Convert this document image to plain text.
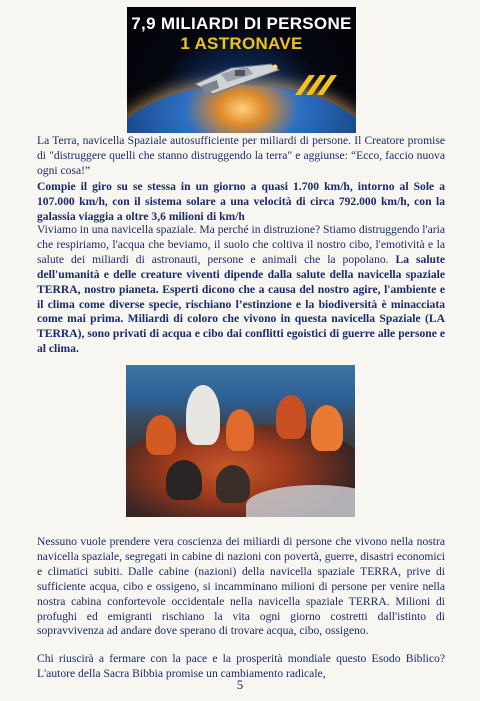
7,9 MILIARDI DI PERSONE
1 ASTRONAVE

La Terra, navicella Spaziale autosufficiente per miliardi di persone. Il Creatore promise di "distruggere quelli che stanno distruggendo la terra" e aggiunse: “Ecco, faccio nuova ogni cosa!”

Compie il giro su se stessa in un giorno a quasi 1.700 km/h, intorno al Sole a 107.000 km/h, con il sistema solare a una velocità di circa 792.000 km/h, con la galassia viaggia a oltre 3,6 milioni di km/h

Viviamo in una navicella spaziale. Ma perché in distruzione? Stiamo distruggendo l'aria che respiriamo, l'acqua che beviamo, il suolo che coltiva il nostro cibo, l'emotività e la salute dei miliardi di astronauti, persone e animali che la popolano. La salute dell'umanità e delle creature viventi dipende dalla salute della navicella spaziale TERRA, nostro pianeta. Esperti dicono che a causa del nostro agire, l'ambiente e il clima come diverse specie, rischiano l’estinzione e la biodiversità è minacciata come mai prima. Miliardi di coloro che vivono in questa navicella Spaziale (LA TERRA), sono privati di acqua e cibo dai conflitti egoistici di guerre alle persone e al clima.

Nessuno vuole prendere vera coscienza dei miliardi di persone che vivono nella nostra navicella spaziale, segregati in cabine di nazioni con povertà, guerre, disastri economici e climatici subiti. Dalle cabine (nazioni) della navicella spaziale TERRA, prive di sufficiente acqua, cibo e ossigeno, si incamminano milioni di persone per venire nella nostra cabina confortevole occidentale nella navicella spaziale TERRA. Milioni di profughi ed emigranti rischiano la vita ogni giorno costretti dall'istinto di sopravvivenza ad andare dove sperano di trovare acqua, cibo, ossigeno.

Chi riuscirà a fermare con la pace e la prosperità mondiale questo Esodo Biblico? L'autore della Sacra Bibbia promise un cambiamento radicale,

5
